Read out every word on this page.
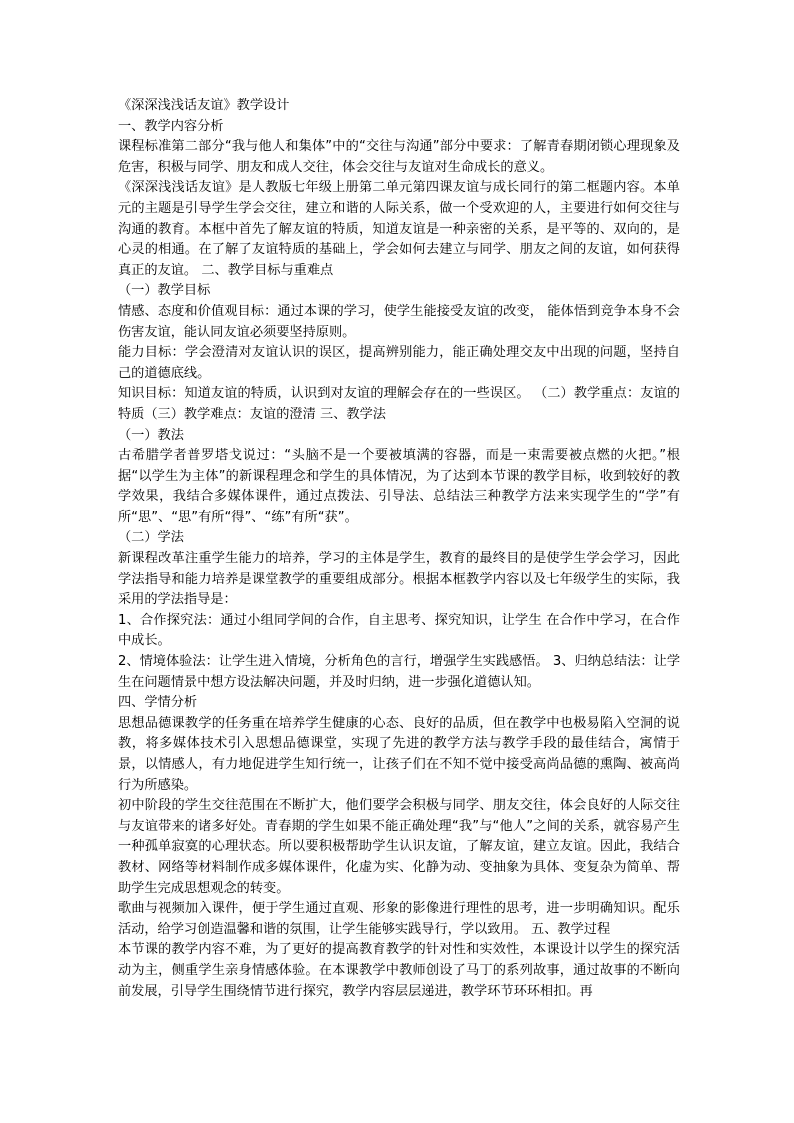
《深深浅浅话友谊》教学设计

一、教学内容分析

课程标准第二部分“我与他人和集体”中的“交往与沟通”部分中要求：了解青春期闭锁心理现象及危害，积极与同学、朋友和成人交往，体会交往与友谊对生命成长的意义。

《深深浅浅话友谊》是人教版七年级上册第二单元第四课友谊与成长同行的第二框题内容。本单元的主题是引导学生学会交往，建立和谐的人际关系，做一个受欢迎的人，主要进行如何交往与沟通的教育。本框中首先了解友谊的特质，知道友谊是一种亲密的关系，是平等的、双向的，是心灵的相通。在了解了友谊特质的基础上，学会如何去建立与同学、朋友之间的友谊，如何获得真正的友谊。 二、教学目标与重难点

（一）教学目标

情感、态度和价值观目标：通过本课的学习，使学生能接受友谊的改变， 能体悟到竞争本身不会伤害友谊，能认同友谊必须要坚持原则。

能力目标：学会澄清对友谊认识的误区，提高辨别能力，能正确处理交友中出现的问题，坚持自己的道德底线。

知识目标：知道友谊的特质，认识到对友谊的理解会存在的一些误区。 （二）教学重点：友谊的特质（三）教学难点：友谊的澄清 三、教学法

（一）教法

古希腊学者普罗塔戈说过：“头脑不是一个要被填满的容器，而是一束需要被点燃的火把。”根据“以学生为主体”的新课程理念和学生的具体情况，为了达到本节课的教学目标，收到较好的教学效果，我结合多媒体课件，通过点拨法、引导法、总结法三种教学方法来实现学生的“学”有所“思”、“思”有所“得”、“练”有所“获”。

（二）学法

新课程改革注重学生能力的培养，学习的主体是学生，教育的最终目的是使学生学会学习，因此学法指导和能力培养是课堂教学的重要组成部分。根据本框教学内容以及七年级学生的实际，我采用的学法指导是：

1、合作探究法：通过小组同学间的合作，自主思考、探究知识，让学生 在合作中学习，在合作中成长。

2、情境体验法：让学生进入情境，分析角色的言行，增强学生实践感悟。 3、归纳总结法：让学生在问题情景中想方设法解决问题，并及时归纳，进一步强化道德认知。

四、学情分析

思想品德课教学的任务重在培养学生健康的心态、良好的品质，但在教学中也极易陷入空洞的说教，将多媒体技术引入思想品德课堂，实现了先进的教学方法与教学手段的最佳结合，寓情于景，以情感人，有力地促进学生知行统一，让孩子们在不知不觉中接受高尚品德的熏陶、被高尚行为所感染。

初中阶段的学生交往范围在不断扩大，他们要学会积极与同学、朋友交往，体会良好的人际交往与友谊带来的诸多好处。青春期的学生如果不能正确处理“我”与“他人”之间的关系，就容易产生一种孤单寂寞的心理状态。所以要积极帮助学生认识友谊，了解友谊，建立友谊。因此，我结合教材、网络等材料制作成多媒体课件，化虚为实、化静为动、变抽象为具体、变复杂为简单、帮助学生完成思想观念的转变。

歌曲与视频加入课件，便于学生通过直观、形象的影像进行理性的思考，进一步明确知识。配乐活动，给学习创造温馨和谐的氛围，让学生能够实践导行，学以致用。 五、教学过程

本节课的教学内容不难，为了更好的提高教育教学的针对性和实效性，本课设计以学生的探究活动为主，侧重学生亲身情感体验。在本课教学中教师创设了马丁的系列故事，通过故事的不断向前发展，引导学生围绕情节进行探究，教学内容层层递进，教学环节环环相扣。再
